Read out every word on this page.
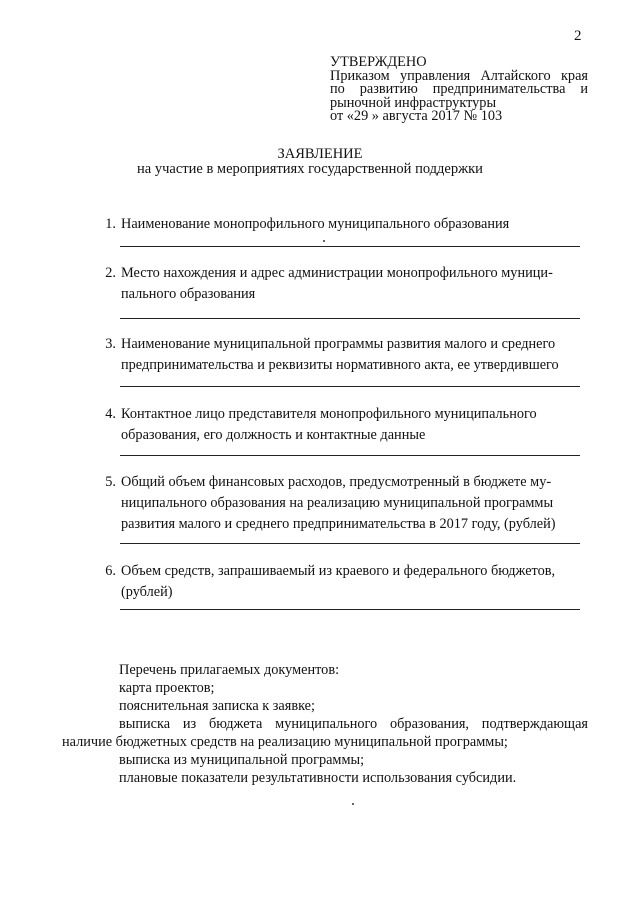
2
УТВЕРЖДЕНО
Приказом управления Алтайского края
по развитию предпринимательства и
рыночной инфраструктуры
от «29 » августа 2017 № 103
ЗАЯВЛЕНИЕ
на участие в мероприятиях государственной поддержки
1. Наименование монопрофильного муниципального образования
2. Место нахождения и адрес администрации монопрофильного муници-
пального образования
3. Наименование муниципальной программы развития малого и среднего
предпринимательства и реквизиты нормативного акта, ее утвердившего
4. Контактное лицо представителя монопрофильного муниципального
образования, его должность и контактные данные
5. Общий объем финансовых расходов, предусмотренный в бюджете му-
ниципального образования на реализацию муниципальной программы
развития малого и среднего предпринимательства в 2017 году, (рублей)
6. Объем средств, запрашиваемый из краевого и федерального бюджетов,
(рублей)
Перечень прилагаемых документов:
карта проектов;
пояснительная записка к заявке;
выписка из бюджета муниципального образования, подтверждающая
наличие бюджетных средств на реализацию муниципальной программы;
выписка из муниципальной программы;
плановые показатели результативности использования субсидии.
